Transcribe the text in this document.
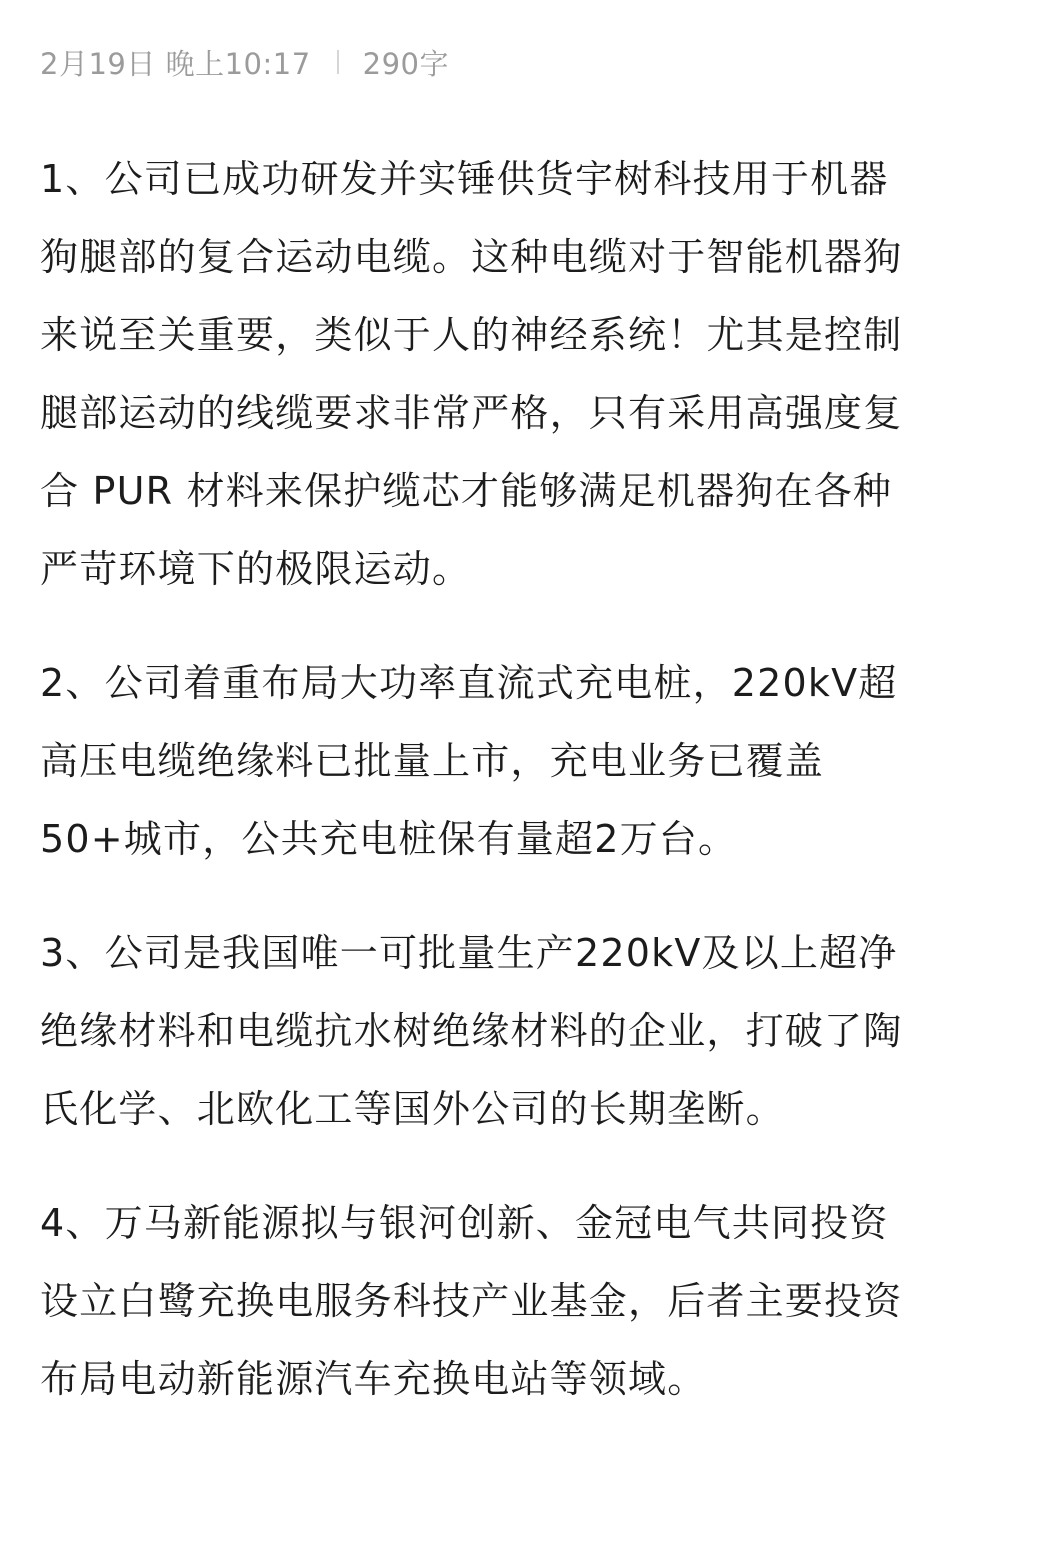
2月19日 晚上10:17 290字

1、公司已成功研发并实锤供货宇树科技用于机器
狗腿部的复合运动电缆。这种电缆对于智能机器狗
来说至关重要，类似于人的神经系统！尤其是控制
腿部运动的线缆要求非常严格，只有采用高强度复
合 PUR 材料来保护缆芯才能够满足机器狗在各种
严苛环境下的极限运动。

2、公司着重布局大功率直流式充电桩，220kV超
高压电缆绝缘料已批量上市，充电业务已覆盖
50+城市，公共充电桩保有量超2万台。

3、公司是我国唯一可批量生产220kV及以上超净
绝缘材料和电缆抗水树绝缘材料的企业，打破了陶
氏化学、北欧化工等国外公司的长期垄断。

4、万马新能源拟与银河创新、金冠电气共同投资
设立白鹭充换电服务科技产业基金，后者主要投资
布局电动新能源汽车充换电站等领域。
